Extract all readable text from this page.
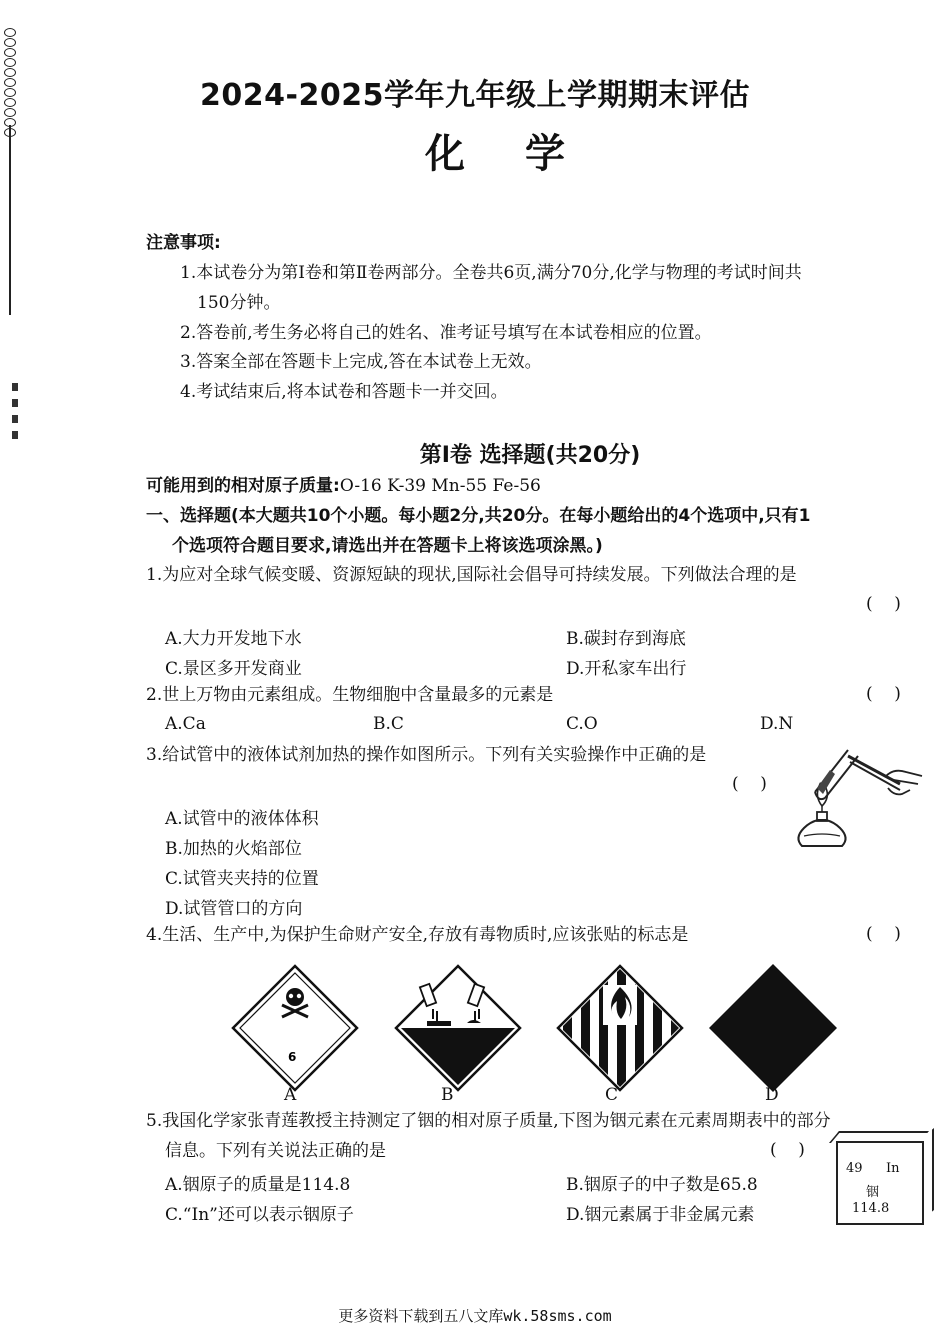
2024-2025学年九年级上学期期末评估
化学
注意事项:
1.本试卷分为第Ⅰ卷和第Ⅱ卷两部分。全卷共6页,满分70分,化学与物理的考试时间共
150分钟。
2.答卷前,考生务必将自己的姓名、准考证号填写在本试卷相应的位置。
3.答案全部在答题卡上完成,答在本试卷上无效。
4.考试结束后,将本试卷和答题卡一并交回。
第Ⅰ卷 选择题(共20分)
可能用到的相对原子质量:O-16 K-39 Mn-55 Fe-56
一、选择题(本大题共10个小题。每小题2分,共20分。在每小题给出的4个选项中,只有1
个选项符合题目要求,请选出并在答题卡上将该选项涂黑。)
1.为应对全球气候变暖、资源短缺的现状,国际社会倡导可持续发展。下列做法合理的是
(    )
A.大力开发地下水	B.碳封存到海底
C.景区多开发商业	D.开私家车出行
2.世上万物由元素组成。生物细胞中含量最多的元素是	(    )
A.Ca	B.C	C.O	D.N
3.给试管中的液体试剂加热的操作如图所示。下列有关实验操作中正确的是
(    )
A.试管中的液体体积
B.加热的火焰部位
C.试管夹夹持的位置
D.试管管口的方向
4.生活、生产中,为保护生命财产安全,存放有毒物质时,应该张贴的标志是	(    )
6
A	B	C	D
5.我国化学家张青莲教授主持测定了铟的相对原子质量,下图为铟元素在元素周期表中的部分
信息。下列有关说法正确的是	(    )
A.铟原子的质量是114.8	B.铟原子的中子数是65.8
C.“In”还可以表示铟原子	D.铟元素属于非金属元素
49 In
铟
114.8
更多资料下载到五八文库wk.58sms.com
